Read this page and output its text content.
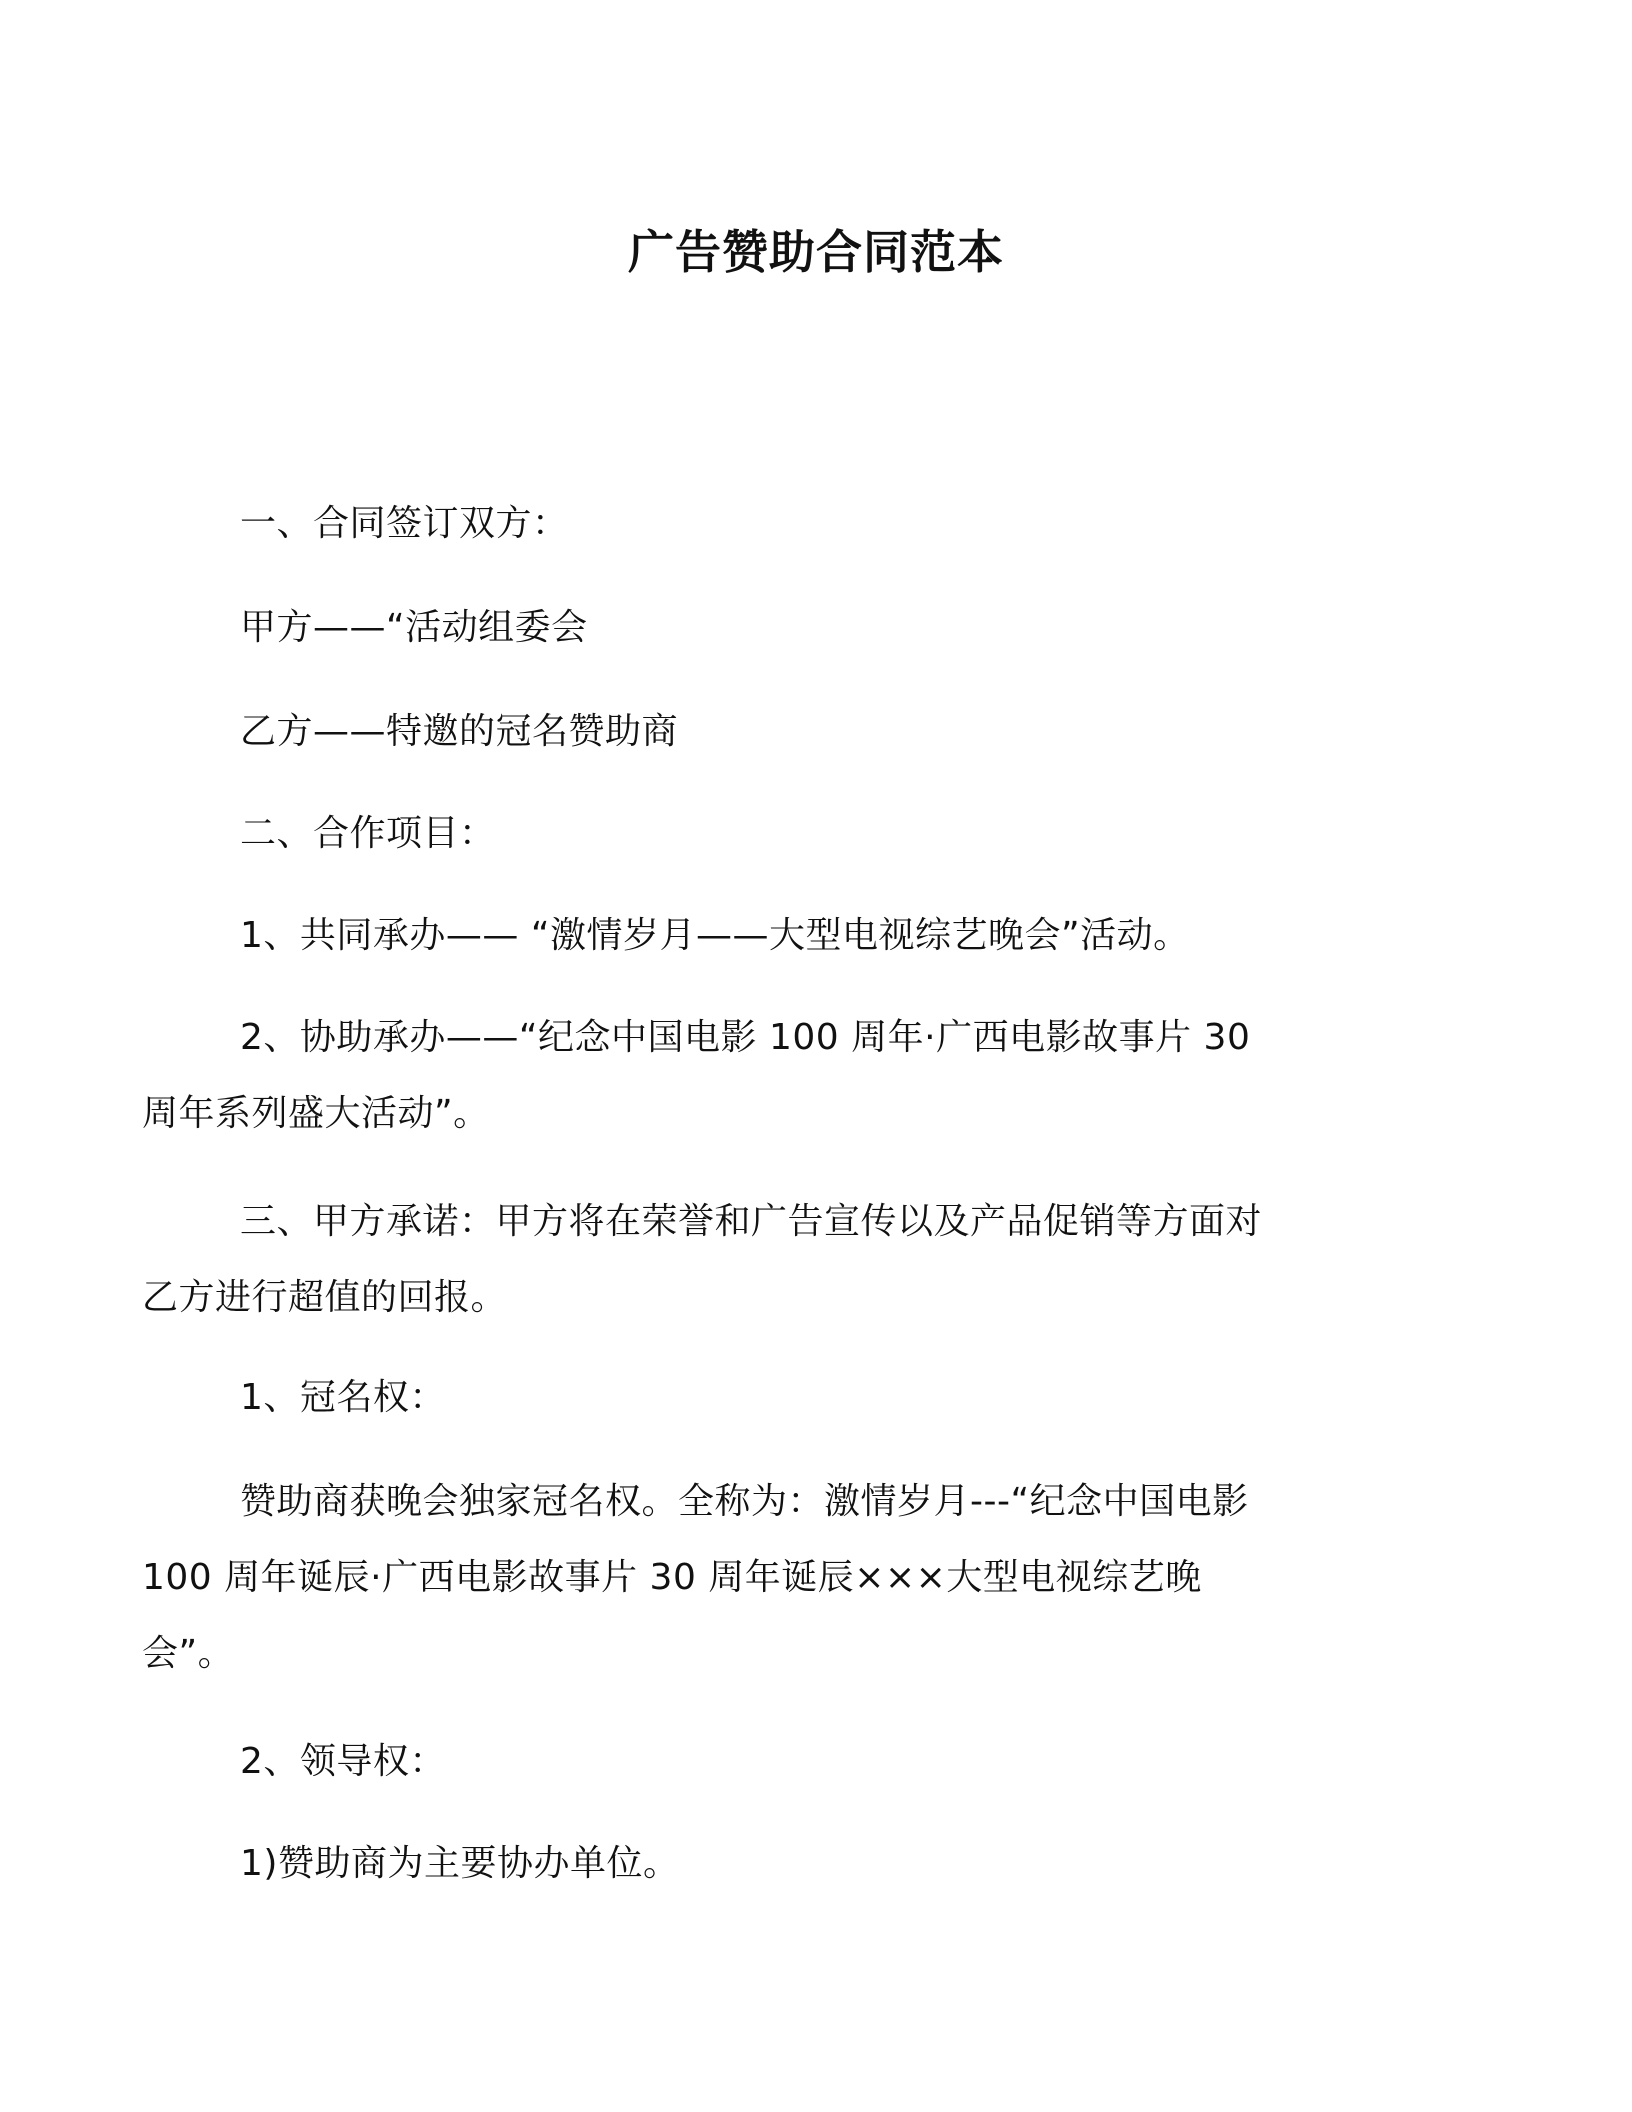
广告赞助合同范本
一、合同签订双方：
甲方——“活动组委会
乙方——特邀的冠名赞助商
二、合作项目：
1、共同承办—— “激情岁月——大型电视综艺晚会”活动。
2、协助承办——“纪念中国电影 100 周年·广西电影故事片 30
周年系列盛大活动”。
三、甲方承诺：甲方将在荣誉和广告宣传以及产品促销等方面对
乙方进行超值的回报。
1、冠名权：
赞助商获晚会独家冠名权。全称为：激情岁月---“纪念中国电影
100 周年诞辰·广西电影故事片 30 周年诞辰×××大型电视综艺晚
会”。
2、领导权：
1)赞助商为主要协办单位。
